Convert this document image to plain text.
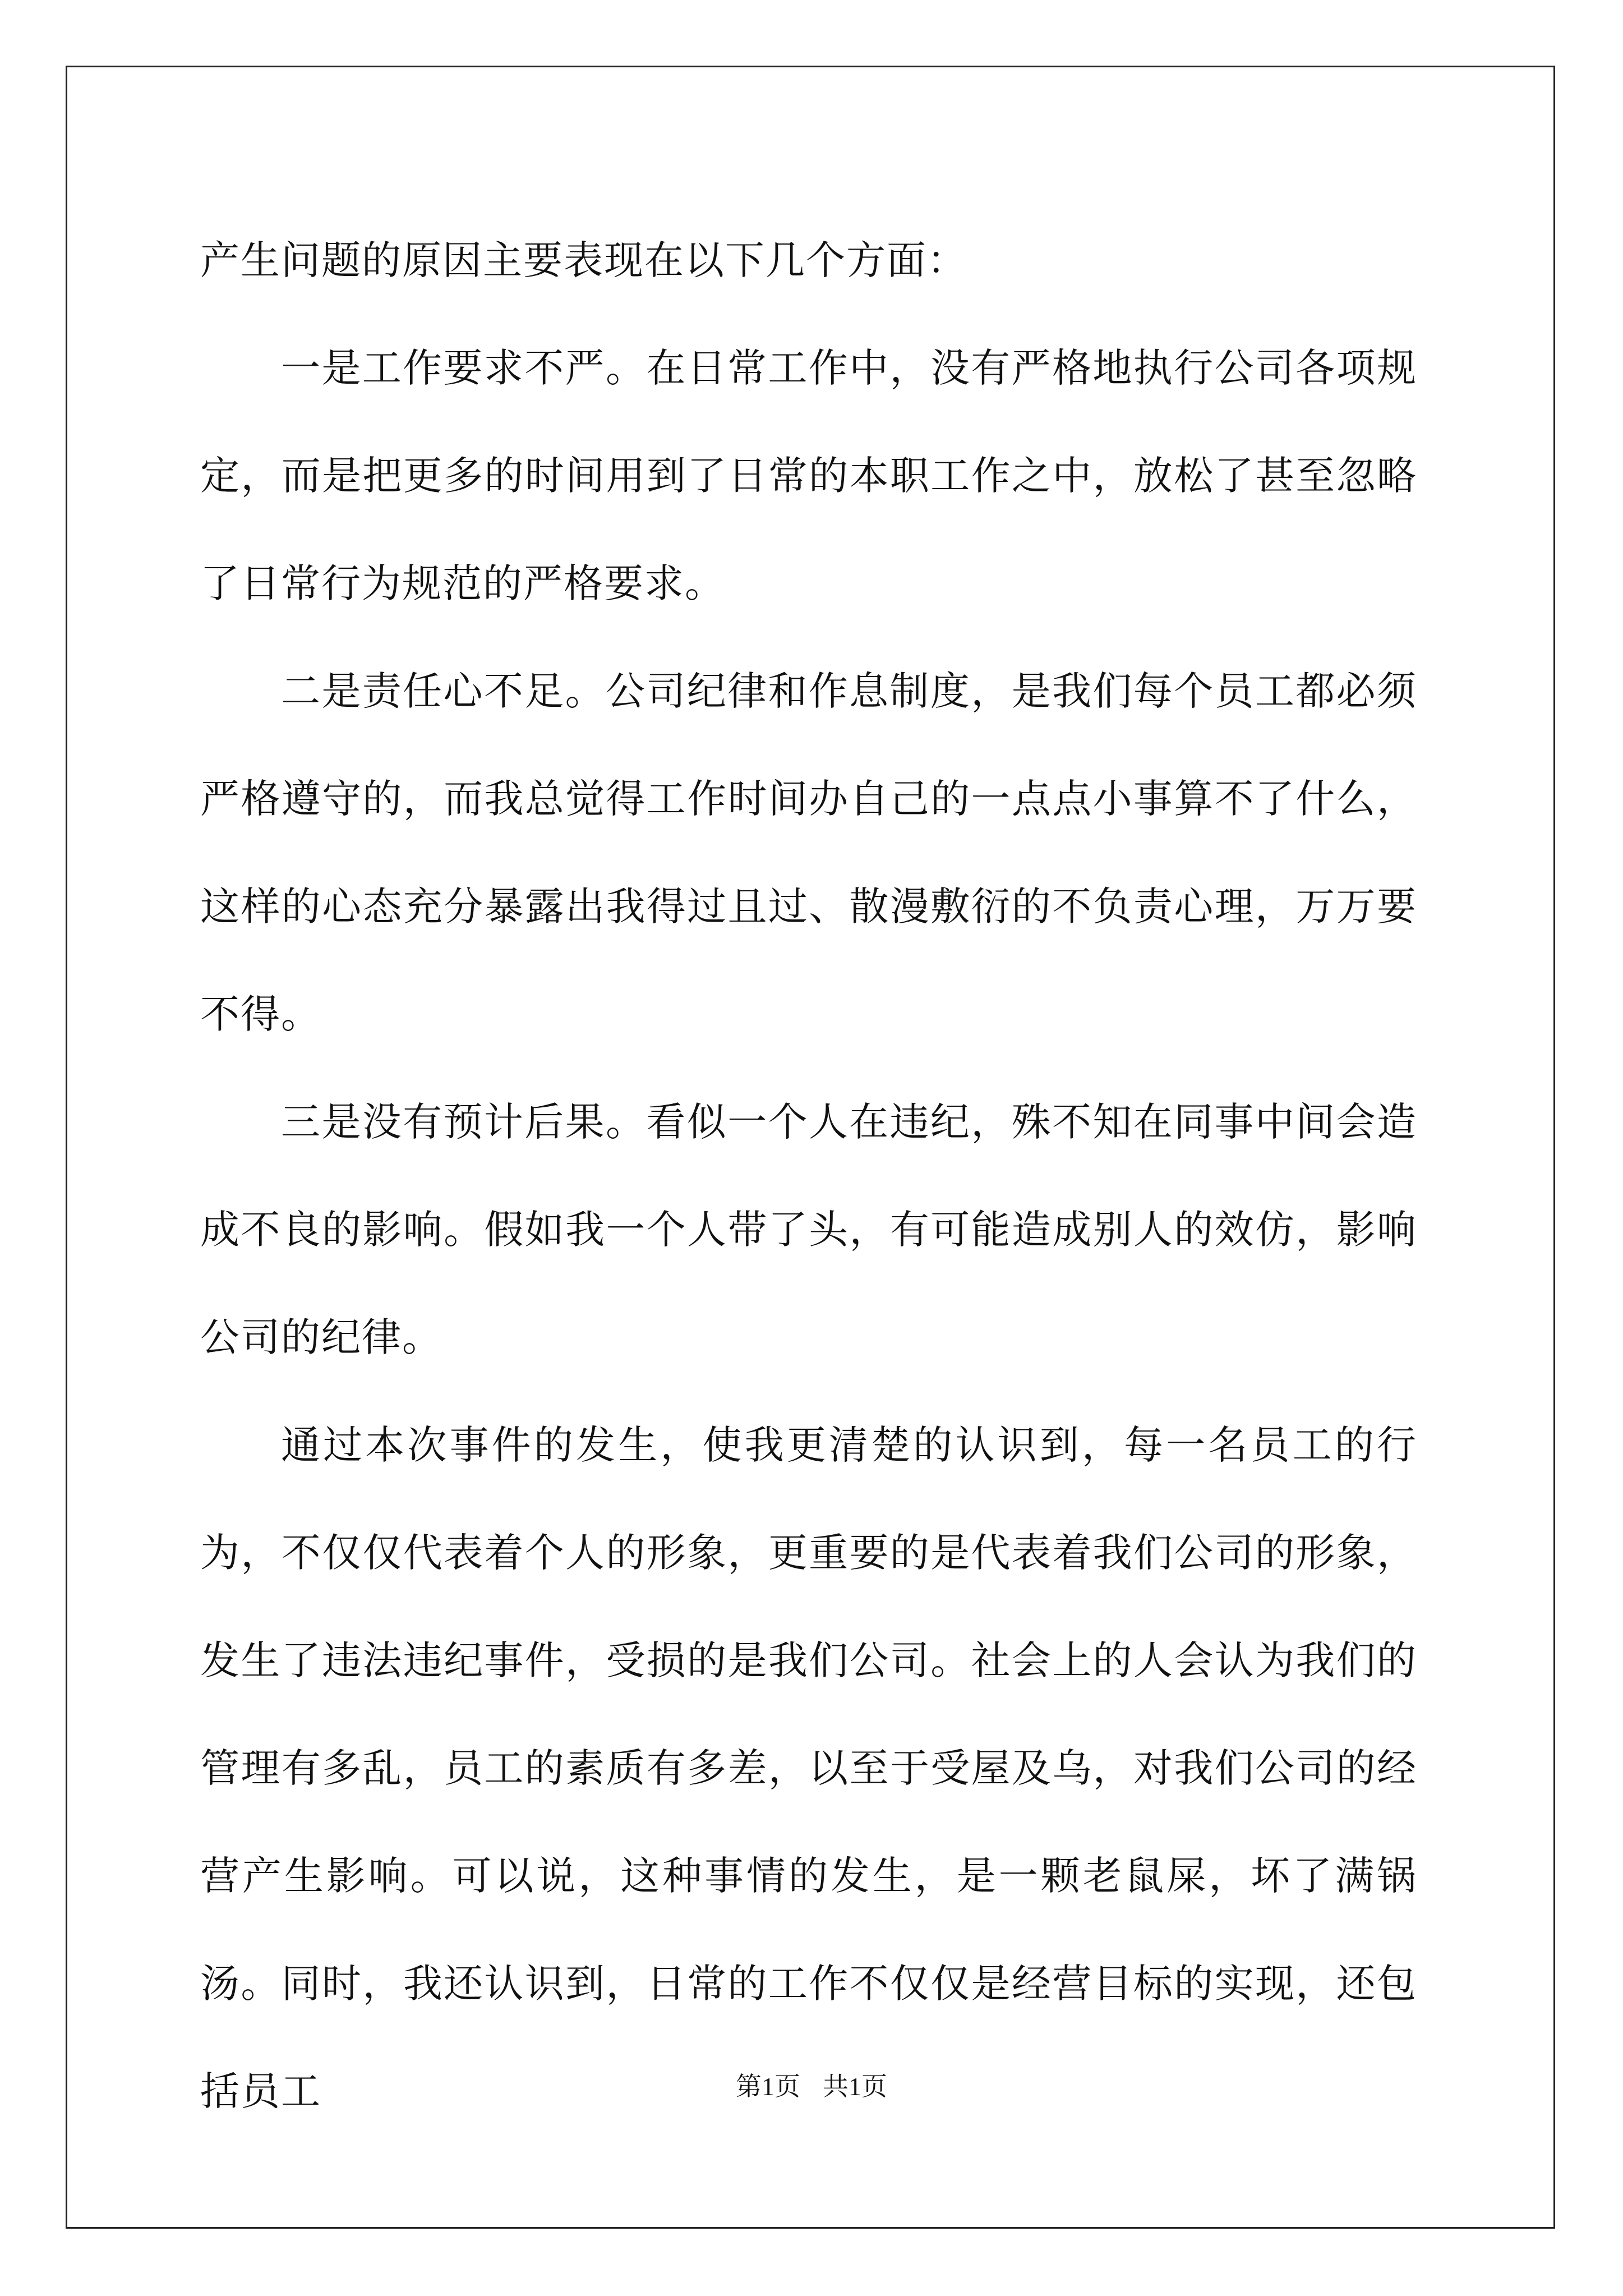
产生问题的原因主要表现在以下几个方面：

一是工作要求不严。在日常工作中，没有严格地执行公司各项规定，而是把更多的时间用到了日常的本职工作之中，放松了甚至忽略了日常行为规范的严格要求。

二是责任心不足。公司纪律和作息制度，是我们每个员工都必须严格遵守的，而我总觉得工作时间办自己的一点点小事算不了什么，这样的心态充分暴露出我得过且过、散漫敷衍的不负责心理，万万要不得。

三是没有预计后果。看似一个人在违纪，殊不知在同事中间会造成不良的影响。假如我一个人带了头，有可能造成别人的效仿，影响公司的纪律。

通过本次事件的发生，使我更清楚的认识到，每一名员工的行为，不仅仅代表着个人的形象，更重要的是代表着我们公司的形象，发生了违法违纪事件，受损的是我们公司。社会上的人会认为我们的管理有多乱，员工的素质有多差，以至于受屋及乌，对我们公司的经营产生影响。可以说，这种事情的发生，是一颗老鼠屎，坏了满锅汤。同时，我还认识到，日常的工作不仅仅是经营目标的实现，还包括员工	第1页 共1页
